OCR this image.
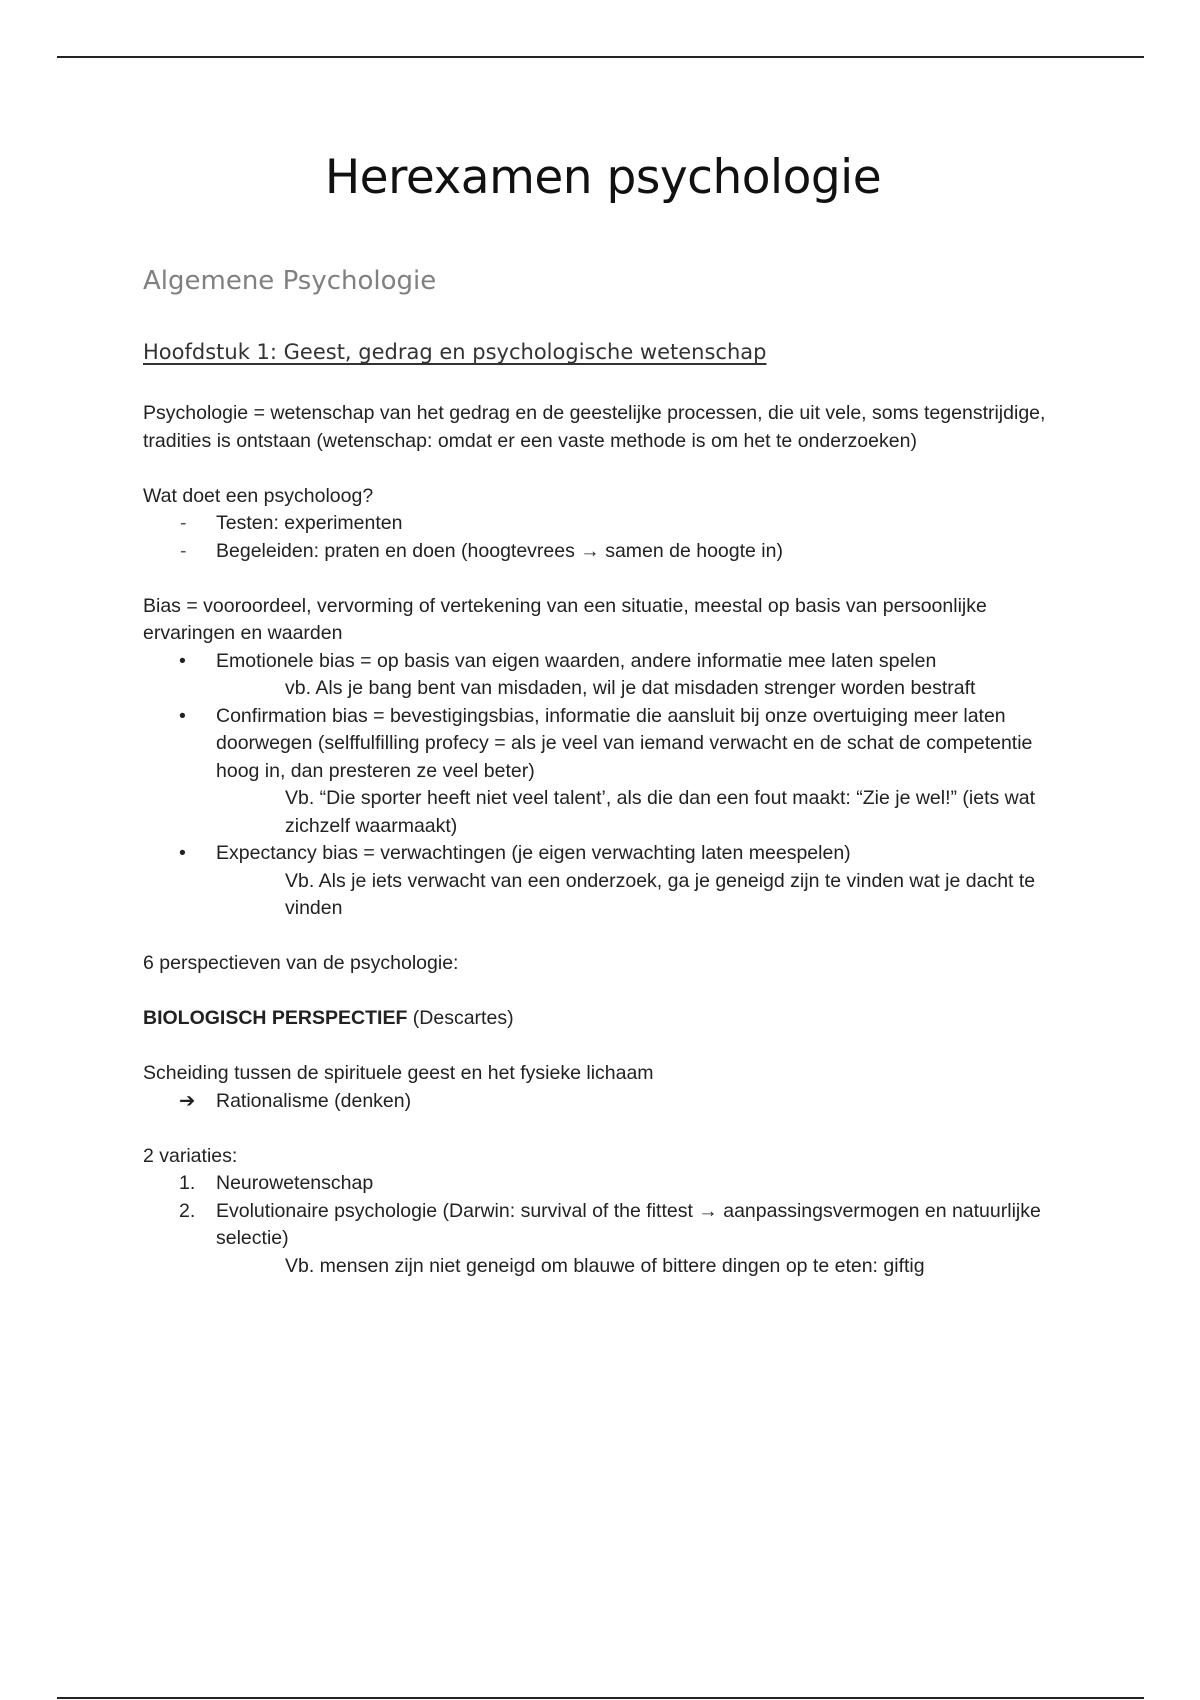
Herexamen psychologie
Algemene Psychologie
Hoofdstuk 1: Geest, gedrag en psychologische wetenschap

Psychologie = wetenschap van het gedrag en de geestelijke processen, die uit vele, soms tegenstrijdige, tradities is ontstaan (wetenschap: omdat er een vaste methode is om het te onderzoeken)

Wat doet een psycholoog?

- Testen: experimenten
- Begeleiden: praten en doen (hoogtevrees → samen de hoogte in)

Bias = vooroordeel, vervorming of vertekening van een situatie, meestal op basis van persoonlijke ervaringen en waarden

• Emotionele bias = op basis van eigen waarden, andere informatie mee laten spelen

vb. Als je bang bent van misdaden, wil je dat misdaden strenger worden bestraft

• Confirmation bias = bevestigingsbias, informatie die aansluit bij onze overtuiging meer laten doorwegen (selffulfilling profecy = als je veel van iemand verwacht en de schat de competentie hoog in, dan presteren ze veel beter)

Vb. “Die sporter heeft niet veel talent’, als die dan een fout maakt: “Zie je wel!” (iets wat zichzelf waarmaakt)

• Expectancy bias = verwachtingen (je eigen verwachting laten meespelen)

Vb. Als je iets verwacht van een onderzoek, ga je geneigd zijn te vinden wat je dacht te vinden

6 perspectieven van de psychologie:

BIOLOGISCH PERSPECTIEF (Descartes)

Scheiding tussen de spirituele geest en het fysieke lichaam

➔ Rationalisme (denken)

2 variaties:

1. Neurowetenschap
2. Evolutionaire psychologie (Darwin: survival of the fittest → aanpassingsvermogen en natuurlijke selectie)

Vb. mensen zijn niet geneigd om blauwe of bittere dingen op te eten: giftig
